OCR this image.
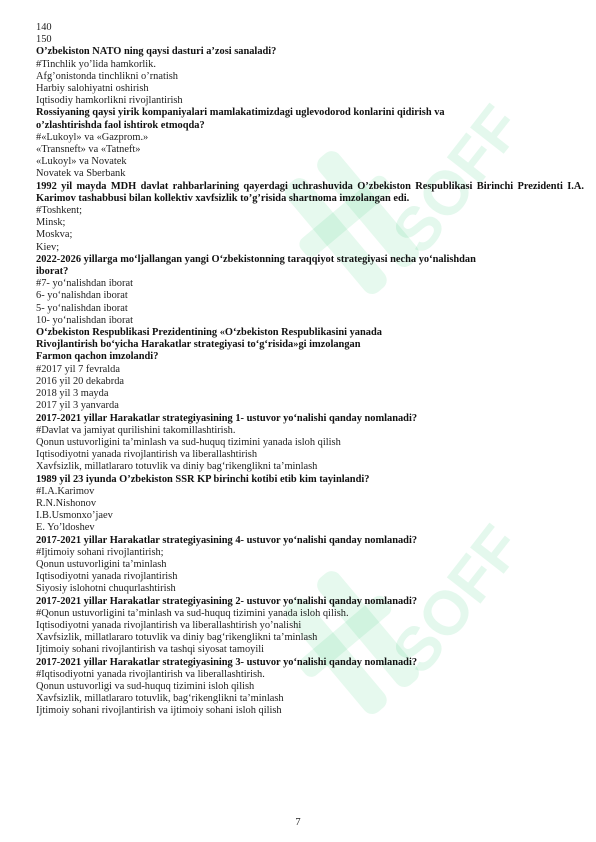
SOFF
SOFF
140
150
O’zbekiston NATO ning qaysi dasturi a’zosi sanaladi?
#Tinchlik yo’lida hamkorlik.
Afg’onistonda tinchlikni o’rnatish
Harbiy salohiyatni oshirish
Iqtisodiy hamkorlikni rivojlantirish
Rossiyaning qaysi yirik kompaniyalari mamlakatimizdagi uglevodorod konlarini qidirish va
o’zlashtirishda faol ishtirok etmoqda?
#«Lukoyl» va «Gazprom.»
«Transneft» va «Tatneft»
«Lukoyl» va Novatek
Novatek va Sberbank
1992 yil mayda MDH davlat rahbarlarining qayerdagi uchrashuvida O’zbekiston Respublikasi Birinchi Prezidenti I.A. Karimov tashabbusi bilan kollektiv xavfsizlik to’g’risida shartnoma imzolangan edi.
#Toshkent;
Minsk;
Moskva;
Kiev;
2022-2026 yillarga mo‘ljallangan yangi O‘zbekistonning taraqqiyot strategiyasi necha yo‘nalishdan
iborat?
#7- yo‘nalishdan iborat
6- yo‘nalishdan iborat
5- yo‘nalishdan iborat
10- yo‘nalishdan iborat
O‘zbekiston Respublikasi Prezidentining «O‘zbekiston Respublikasini yanada
Rivojlantirish bo‘yicha Harakatlar strategiyasi to‘g‘risida»gi imzolangan
Farmon qachon imzolandi?
#2017 yil 7 fevralda
2016 yil 20 dekabrda
2018 yil 3 mayda
2017 yil 3 yanvarda
2017-2021 yillar Harakatlar strategiyasining 1- ustuvor yo‘nalishi qanday nomlanadi?
#Davlat va jamiyat qurilishini takomillashtirish.
Qonun ustuvorligini ta’minlash va sud-huquq tizimini yanada isloh qilish
Iqtisodiyotni yanada rivojlantirish va liberallashtirish
Xavfsizlik, millatlararo totuvlik va diniy bag‘rikenglikni ta’minlash
1989 yil 23 iyunda O’zbekiston SSR KP birinchi kotibi etib kim tayinlandi?
#I.A.Karimov
R.N.Nishonov
I.B.Usmonxo’jaev
E. Yo’ldoshev
2017-2021 yillar Harakatlar strategiyasining 4- ustuvor yo‘nalishi qanday nomlanadi?
#Ijtimoiy sohani rivojlantirish;
Qonun ustuvorligini ta’minlash
Iqtisodiyotni yanada rivojlantirish
Siyosiy islohotni chuqurlashtirish
2017-2021 yillar Harakatlar strategiyasining 2- ustuvor yo‘nalishi qanday nomlanadi?
#Qonun ustuvorligini ta’minlash va sud-huquq tizimini yanada isloh qilish.
Iqtisodiyotni yanada rivojlantirish va liberallashtirish yo’nalishi
Xavfsizlik, millatlararo totuvlik va diniy bag‘rikenglikni ta’minlash
Ijtimoiy sohani rivojlantirish va tashqi siyosat tamoyili
2017-2021 yillar Harakatlar strategiyasining 3- ustuvor yo‘nalishi qanday nomlanadi?
#Iqtisodiyotni yanada rivojlantirish va liberallashtirish.
Qonun ustuvorligi va sud-huquq tizimini isloh qilish
Xavfsizlik, millatlararo totuvlik, bag‘rikenglikni ta’minlash
Ijtimoiy sohani rivojlantirish va ijtimoiy sohani isloh qilish
7
